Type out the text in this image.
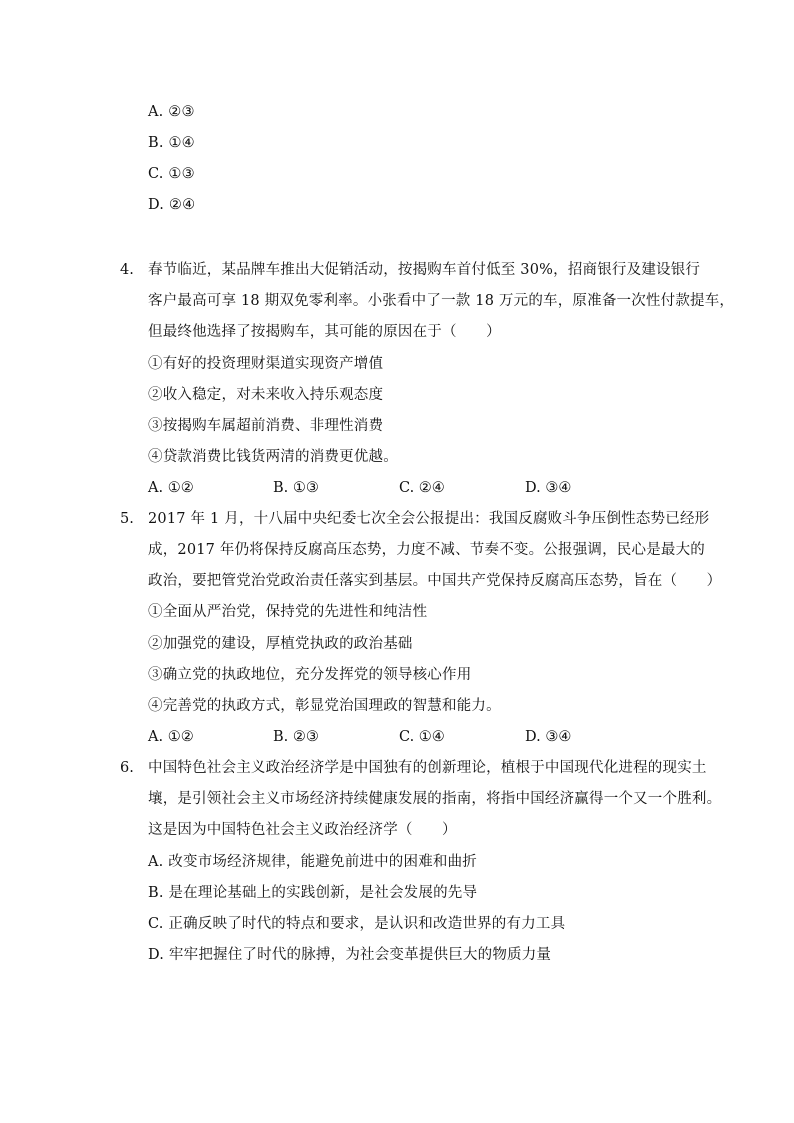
A. ②③
B. ①④
C. ①③
D. ②④
4. 春节临近，某品牌车推出大促销活动，按揭购车首付低至 30%，招商银行及建设银行
客户最高可享 18 期双免零利率。小张看中了一款 18 万元的车，原准备一次性付款提车，
但最终他选择了按揭购车，其可能的原因在于（　　）
①有好的投资理财渠道实现资产增值
②收入稳定，对未来收入持乐观态度
③按揭购车属超前消费、非理性消费
④贷款消费比钱货两清的消费更优越。
A. ①②	B. ①③	C. ②④	D. ③④
5. 2017 年 1 月，十八届中央纪委七次全会公报提出：我国反腐败斗争压倒性态势已经形
成，2017 年仍将保持反腐高压态势，力度不减、节奏不变。公报强调，民心是最大的
政治，要把管党治党政治责任落实到基层。中国共产党保持反腐高压态势，旨在（　　）
①全面从严治党，保持党的先进性和纯洁性
②加强党的建设，厚植党执政的政治基础
③确立党的执政地位，充分发挥党的领导核心作用
④完善党的执政方式，彰显党治国理政的智慧和能力。
A. ①②	B. ②③	C. ①④	D. ③④
6. 中国特色社会主义政治经济学是中国独有的创新理论，植根于中国现代化进程的现实土
壤，是引领社会主义市场经济持续健康发展的指南，将指中国经济赢得一个又一个胜利。
这是因为中国特色社会主义政治经济学（　　）
A. 改变市场经济规律，能避免前进中的困难和曲折
B. 是在理论基础上的实践创新，是社会发展的先导
C. 正确反映了时代的特点和要求，是认识和改造世界的有力工具
D. 牢牢把握住了时代的脉搏，为社会变革提供巨大的物质力量
